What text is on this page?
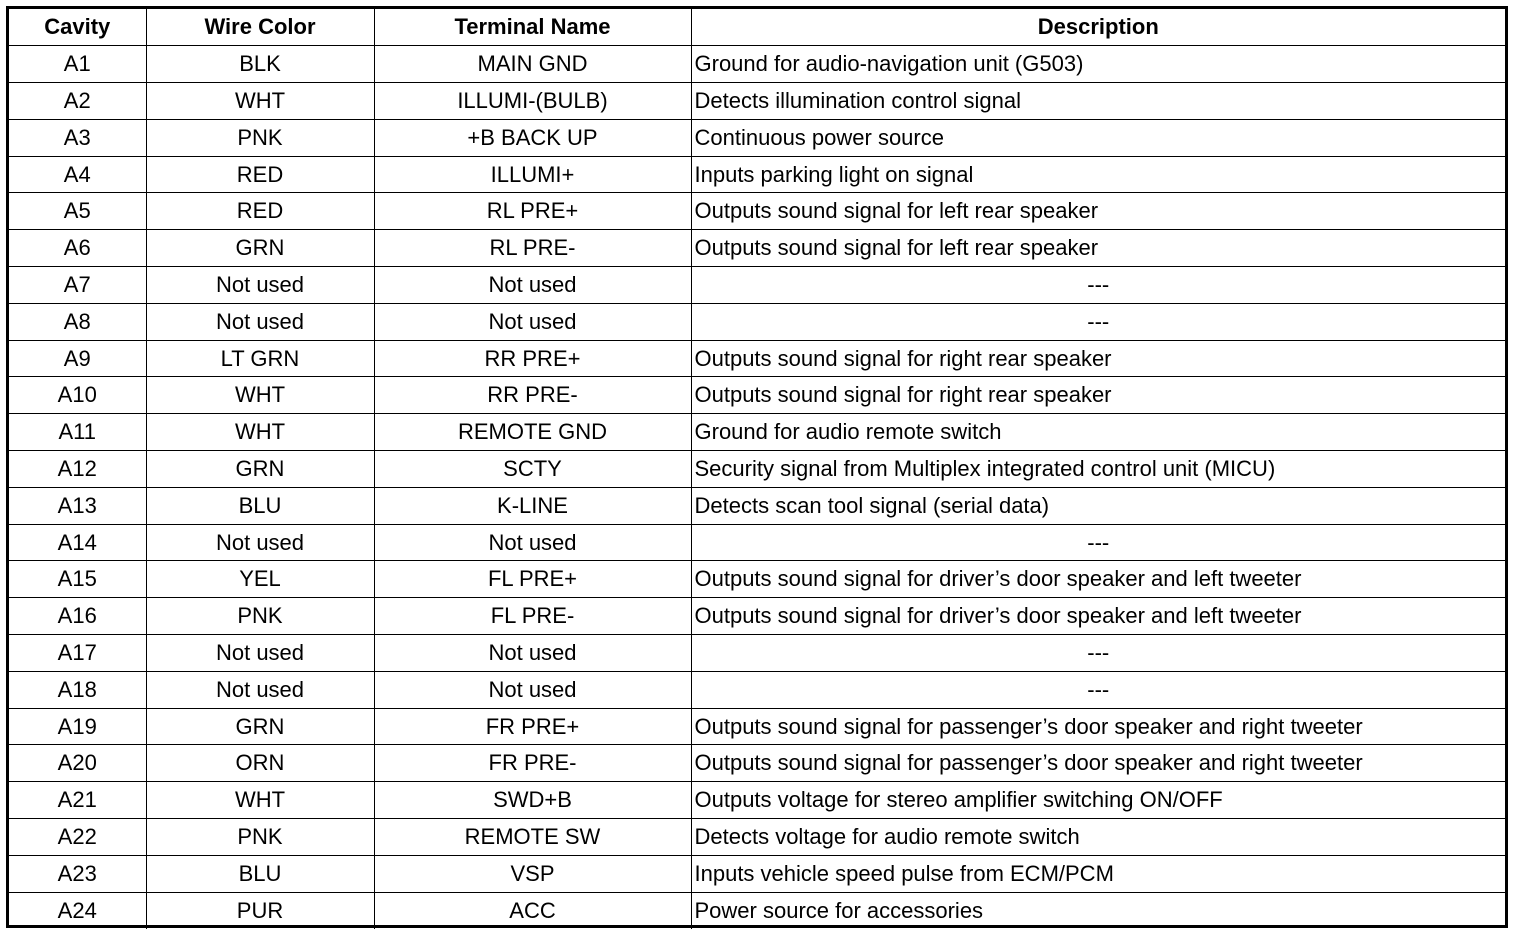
Cavity	Wire Color	Terminal Name	Description
A1	BLK	MAIN GND	Ground for audio-navigation unit (G503)
A2	WHT	ILLUMI-(BULB)	Detects illumination control signal
A3	PNK	+B BACK UP	Continuous power source
A4	RED	ILLUMI+	Inputs parking light on signal
A5	RED	RL PRE+	Outputs sound signal for left rear speaker
A6	GRN	RL PRE-	Outputs sound signal for left rear speaker
A7	Not used	Not used	---
A8	Not used	Not used	---
A9	LT GRN	RR PRE+	Outputs sound signal for right rear speaker
A10	WHT	RR PRE-	Outputs sound signal for right rear speaker
A11	WHT	REMOTE GND	Ground for audio remote switch
A12	GRN	SCTY	Security signal from Multiplex integrated control unit (MICU)
A13	BLU	K-LINE	Detects scan tool signal (serial data)
A14	Not used	Not used	---
A15	YEL	FL PRE+	Outputs sound signal for driver’s door speaker and left tweeter
A16	PNK	FL PRE-	Outputs sound signal for driver’s door speaker and left tweeter
A17	Not used	Not used	---
A18	Not used	Not used	---
A19	GRN	FR PRE+	Outputs sound signal for passenger’s door speaker and right tweeter
A20	ORN	FR PRE-	Outputs sound signal for passenger’s door speaker and right tweeter
A21	WHT	SWD+B	Outputs voltage for stereo amplifier switching ON/OFF
A22	PNK	REMOTE SW	Detects voltage for audio remote switch
A23	BLU	VSP	Inputs vehicle speed pulse from ECM/PCM
A24	PUR	ACC	Power source for accessories
